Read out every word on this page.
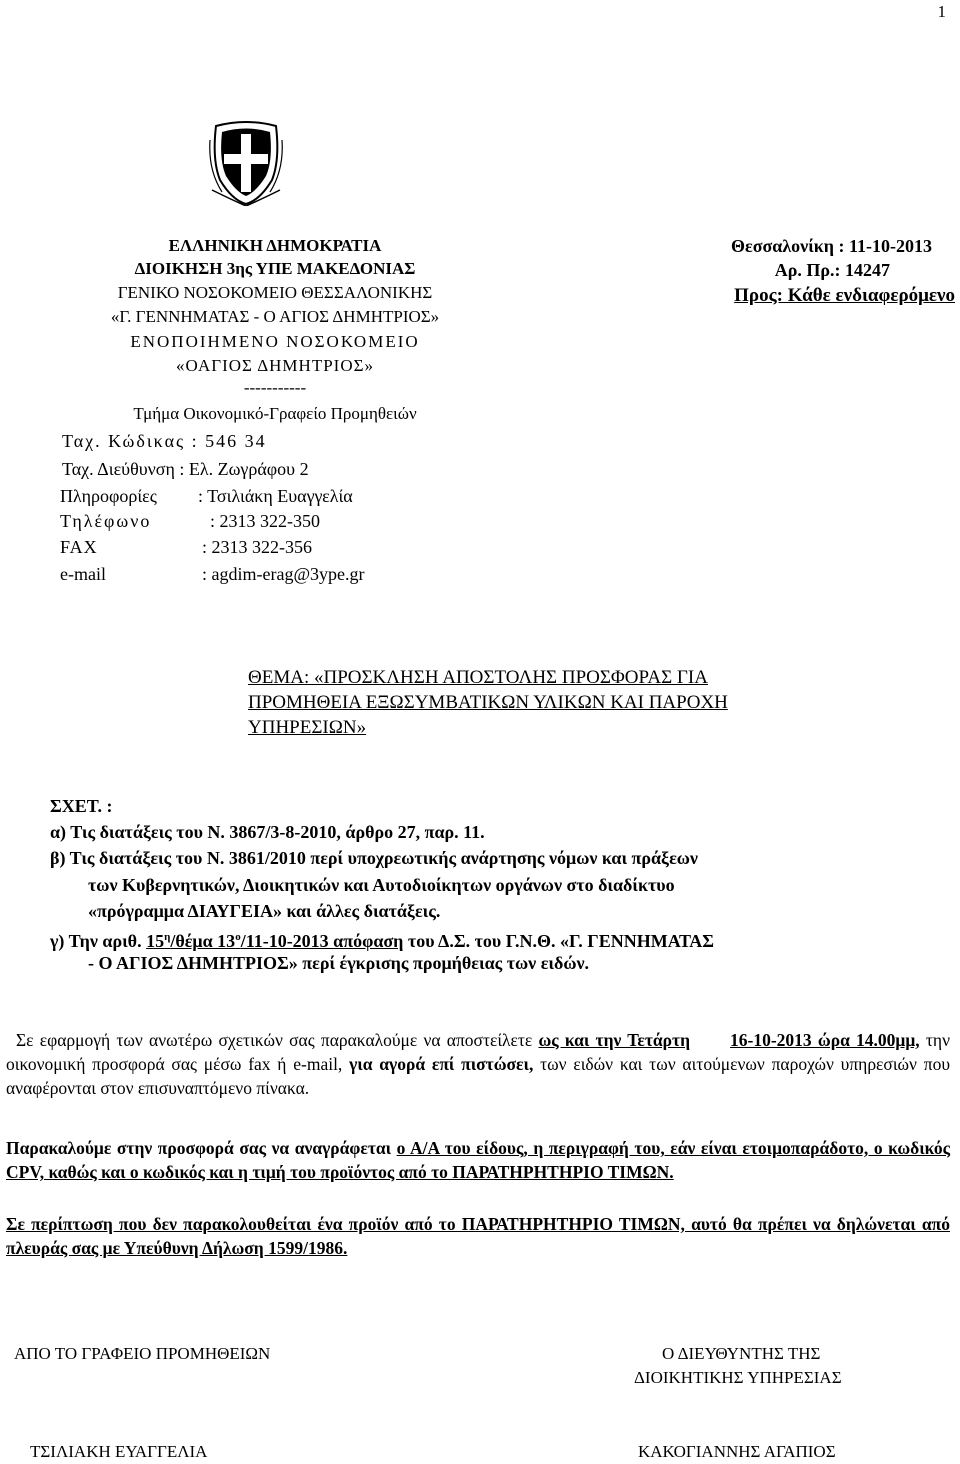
1
ΕΛΛΗΝΙΚΗ ΔΗΜΟΚΡΑΤΙΑ
ΔΙΟΙΚΗΣΗ 3ης ΥΠΕ ΜΑΚΕΔΟΝΙΑΣ
ΓΕΝΙΚΟ ΝΟΣΟΚΟΜΕΙΟ ΘΕΣΣΑΛΟΝΙΚΗΣ
«Γ. ΓΕΝΝΗΜΑΤΑΣ - Ο ΑΓΙΟΣ ΔΗΜΗΤΡΙΟΣ»
ΕΝΟΠΟΙΗΜΕΝΟ ΝΟΣΟΚΟΜΕΙΟ
«ΟΑΓΙΟΣ ΔΗΜΗΤΡΙΟΣ»
-----------
Τμήμα Οικονομικό-Γραφείο Προμηθειών
Ταχ. Κώδικας : 546 34
Ταχ. Διεύθυνση : Ελ. Ζωγράφου 2
Πληροφορίες : Τσιλιάκη Ευαγγελία
Τηλέφωνο	: 2313 322-350
FAX	: 2313 322-356
e-mail	: agdim-erag@3ype.gr
Θεσσαλονίκη : 11-10-2013
Αρ. Πρ.: 14247
Προς: Κάθε ενδιαφερόμενο
ΘΕΜΑ: «ΠΡΟΣΚΛΗΣΗ ΑΠΟΣΤΟΛΗΣ ΠΡΟΣΦΟΡΑΣ ΓΙΑ
ΠΡΟΜΗΘΕΙΑ ΕΞΩΣΥΜΒΑΤΙΚΩΝ ΥΛΙΚΩΝ ΚΑΙ ΠΑΡΟΧΗ
ΥΠΗΡΕΣΙΩΝ»
ΣΧΕΤ. :
α) Τις διατάξεις του Ν. 3867/3-8-2010, άρθρο 27, παρ. 11.
β) Τις διατάξεις του Ν. 3861/2010 περί υποχρεωτικής ανάρτησης νόμων και πράξεων
των Κυβερνητικών, Διοικητικών και Αυτοδιοίκητων οργάνων στο διαδίκτυο
«πρόγραμμα ΔΙΑΥΓΕΙΑ» και άλλες διατάξεις.
γ) Την αριθ. $15^\eta$/θέμα $13^o/11-10-2013$ απόφαση του Δ.Σ. του Γ.Ν.Θ. «Γ. ΓΕΝΝΗΜΑΤΑΣ
- Ο ΑΓΙΟΣ ΔΗΜΗΤΡΙΟΣ» περί έγκρισης προμήθειας των ειδών.
Σε εφαρμογή των ανωτέρω σχετικών σας παρακαλούμε να αποστείλετε ως και την Τετάρτη 16-10-2013 ώρα 14.00μμ, την οικονομική προσφορά σας μέσω fax ή e-mail, για αγορά επί πιστώσει, των ειδών και των αιτούμενων παροχών υπηρεσιών που αναφέρονται στον επισυναπτόμενο πίνακα.
Παρακαλούμε στην προσφορά σας να αναγράφεται ο Α/Α του είδους, η περιγραφή του, εάν είναι ετοιμοπαράδοτο, ο κωδικός CPV, καθώς και ο κωδικός και η τιμή του προϊόντος από το ΠΑΡΑΤΗΡΗΤΗΡΙΟ ΤΙΜΩΝ.
Σε περίπτωση που δεν παρακολουθείται ένα προϊόν από το ΠΑΡΑΤΗΡΗΤΗΡΙΟ ΤΙΜΩΝ, αυτό θα πρέπει να δηλώνεται από πλευράς σας με Υπεύθυνη Δήλωση 1599/1986.
ΑΠΟ ΤΟ ΓΡΑΦΕΙΟ ΠΡΟΜΗΘΕΙΩΝ	Ο ΔΙΕΥΘΥΝΤΗΣ ΤΗΣ
ΔΙΟΙΚΗΤΙΚΗΣ ΥΠΗΡΕΣΙΑΣ
ΤΣΙΛΙΑΚΗ ΕΥΑΓΓΕΛΙΑ	ΚΑΚΟΓΙΑΝΝΗΣ ΑΓΑΠΙΟΣ
